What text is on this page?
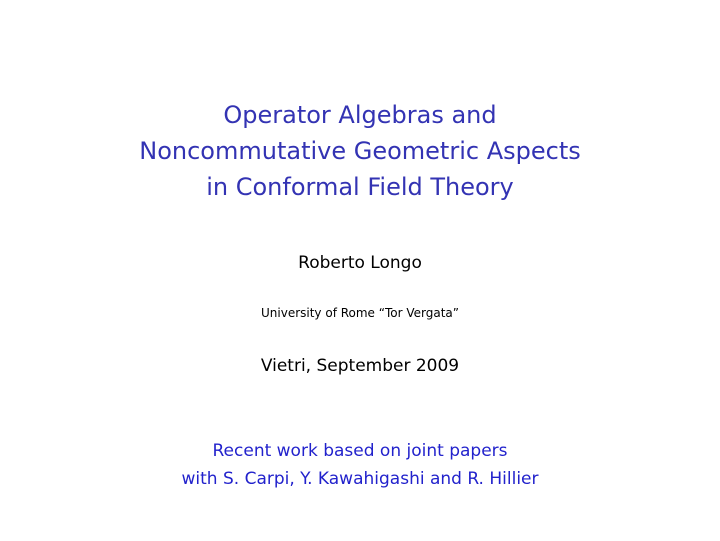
Operator Algebras and
Noncommutative Geometric Aspects
in Conformal Field Theory
Roberto Longo
University of Rome “Tor Vergata”
Vietri, September 2009
Recent work based on joint papers
with S. Carpi, Y. Kawahigashi and R. Hillier
